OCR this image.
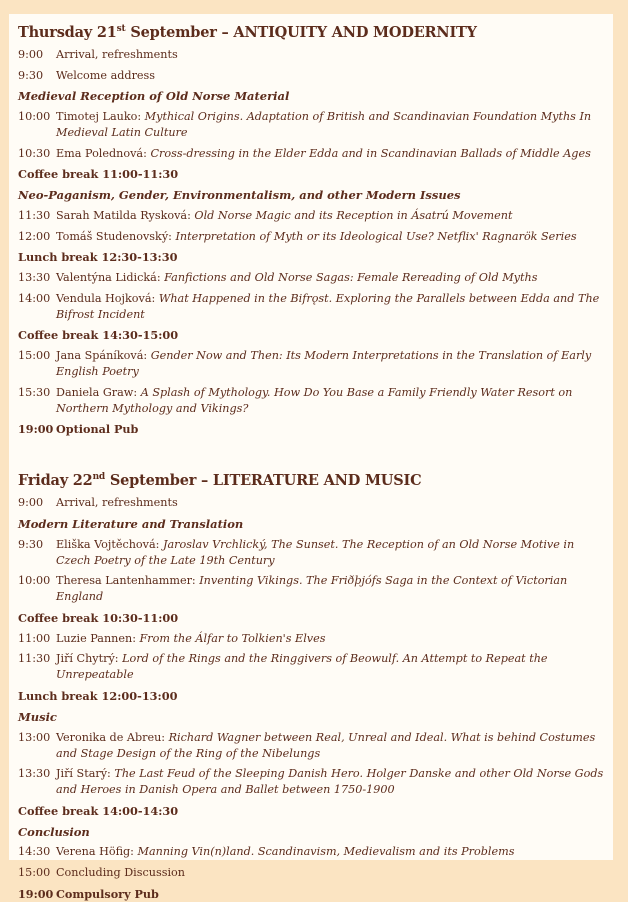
Thursday 21st September – ANTIQUITY AND MODERNITY
9:00	Arrival, refreshments
9:30	Welcome address
Medieval Reception of Old Norse Material
10:00 Timotej Lauko: Mythical Origins. Adaptation of British and Scandinavian Foundation Myths In Medieval Latin Culture
10:30 Ema Polednová: Cross-dressing in the Elder Edda and in Scandinavian Ballads of Middle Ages
Coffee break 11:00-11:30
Neo-Paganism, Gender, Environmentalism, and other Modern Issues
11:30 Sarah Matilda Rysková: Old Norse Magic and its Reception in Ásatrú Movement
12:00 Tomáš Studenovský: Interpretation of Myth or its Ideological Use? Netflix' Ragnarök Series
Lunch break 12:30-13:30
13:30 Valentýna Lidická: Fanfictions and Old Norse Sagas: Female Rereading of Old Myths
14:00 Vendula Hojková: What Happened in the Bifrǫst. Exploring the Parallels between Edda and The Bifrost Incident
Coffee break 14:30-15:00
15:00 Jana Spáníková: Gender Now and Then: Its Modern Interpretations in the Translation of Early English Poetry
15:30 Daniela Graw: A Splash of Mythology. How Do You Base a Family Friendly Water Resort on Northern Mythology and Vikings?
19:00 Optional Pub
Friday 22nd September – LITERATURE AND MUSIC
9:00	Arrival, refreshments
Modern Literature and Translation
9:30	Eliška Vojtěchová: Jaroslav Vrchlický, The Sunset. The Reception of an Old Norse Motive in Czech Poetry of the Late 19th Century
10:00 Theresa Lantenhammer: Inventing Vikings. The Friðþjófs Saga in the Context of Victorian England
Coffee break 10:30-11:00
11:00 Luzie Pannen: From the Álfar to Tolkien's Elves
11:30 Jiří Chytrý: Lord of the Rings and the Ringgivers of Beowulf. An Attempt to Repeat the Unrepeatable
Lunch break 12:00-13:00
Music
13:00 Veronika de Abreu: Richard Wagner between Real, Unreal and Ideal. What is behind Costumes and Stage Design of the Ring of the Nibelungs
13:30 Jiří Starý: The Last Feud of the Sleeping Danish Hero. Holger Danske and other Old Norse Gods and Heroes in Danish Opera and Ballet between 1750-1900
Coffee break 14:00-14:30
Conclusion
14:30 Verena Höfig: Manning Vin(n)land. Scandinavism, Medievalism and its Problems
15:00 Concluding Discussion
19:00 Compulsory Pub
